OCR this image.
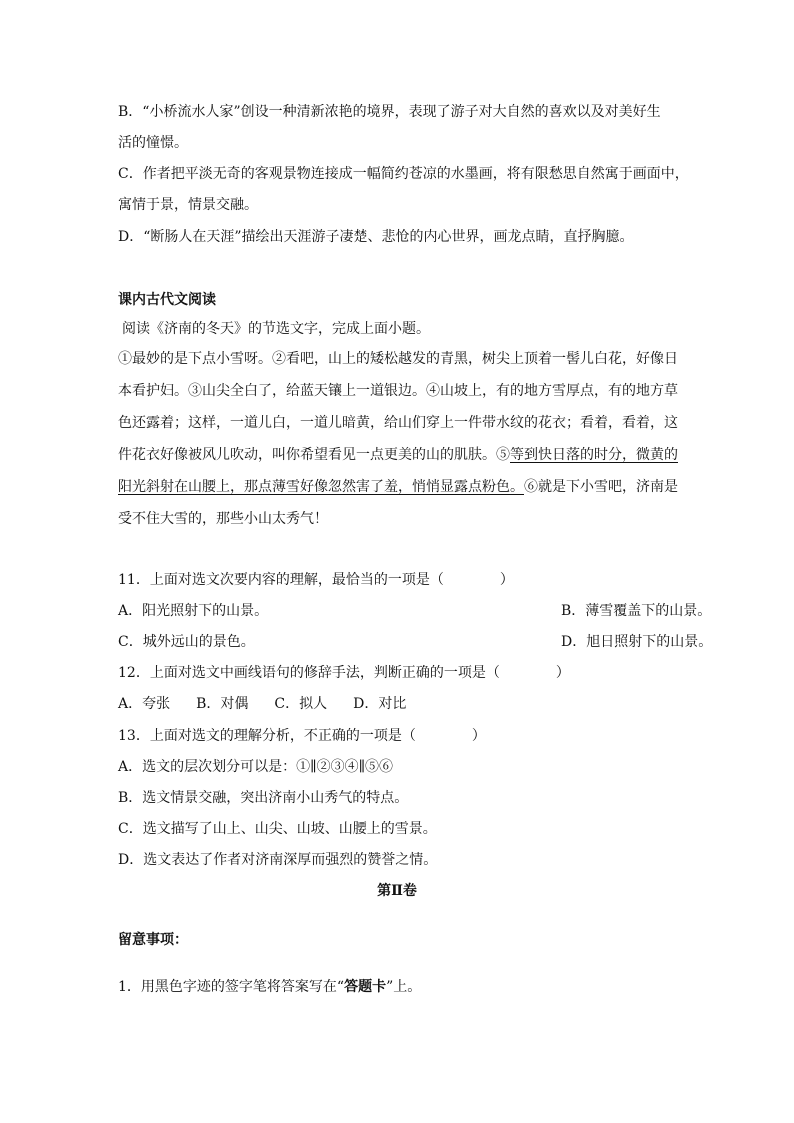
B．“小桥流水人家”创设一种清新浓艳的境界，表现了游子对大自然的喜欢以及对美好生
活的憧憬。
C．作者把平淡无奇的客观景物连接成一幅简约苍凉的水墨画，将有限愁思自然寓于画面中，
寓情于景，情景交融。
D．“断肠人在天涯”描绘出天涯游子凄楚、悲怆的内心世界，画龙点睛，直抒胸臆。
课内古代文阅读
阅读《济南的冬天》的节选文字，完成上面小题。
①最妙的是下点小雪呀。②看吧，山上的矮松越发的青黑，树尖上顶着一髻儿白花，好像日
本看护妇。③山尖全白了，给蓝天镶上一道银边。④山坡上，有的地方雪厚点，有的地方草
色还露着；这样，一道儿白，一道儿暗黄，给山们穿上一件带水纹的花衣；看着，看着，这
件花衣好像被风儿吹动，叫你希望看见一点更美的山的肌肤。⑤等到快日落的时分，微黄的
阳光斜射在山腰上，那点薄雪好像忽然害了羞，悄悄显露点粉色。⑥就是下小雪吧，济南是
受不住大雪的，那些小山太秀气！
11．上面对选文次要内容的理解，最恰当的一项是（　　　　）
A．阳光照射下的山景。	B．薄雪覆盖下的山景。
C．城外远山的景色。	D．旭日照射下的山景。
12．上面对选文中画线语句的修辞手法，判断正确的一项是（　　　　）
A．夸张 B．对偶 C．拟人 D．对比
13．上面对选文的理解分析，不正确的一项是（　　　　）
A．选文的层次划分可以是：①∥②③④∥⑤⑥
B．选文情景交融，突出济南小山秀气的特点。
C．选文描写了山上、山尖、山坡、山腰上的雪景。
D．选文表达了作者对济南深厚而强烈的赞誉之情。
第Ⅱ卷
留意事项：
1．用黑色字迹的签字笔将答案写在“答题卡”上。
